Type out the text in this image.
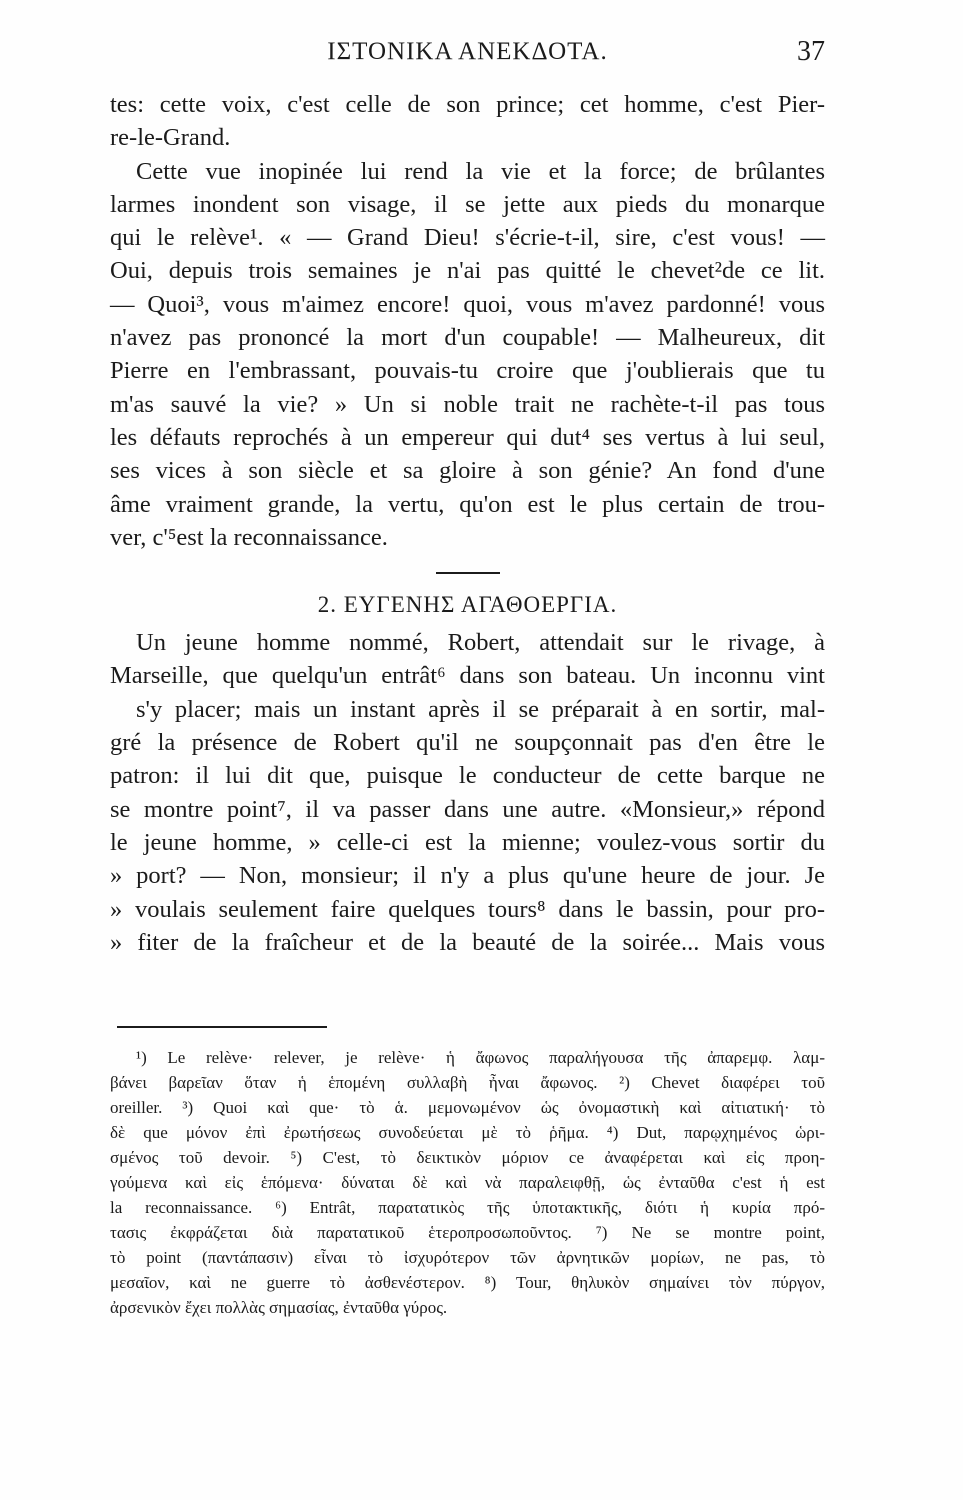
ΙΣΤΟΝΙΚΑ ΑΝΕΚΔΟΤΑ.	37
tes: cette voix, c'est celle de son prince; cet homme, c'est Pier-
re-le-Grand.
Cette vue inopinée lui rend la vie et la force; de brûlantes
larmes inondent son visage, il se jette aux pieds du monarque
qui le relève¹. « — Grand Dieu! s'écrie-t-il, sire, c'est vous! —
Oui, depuis trois semaines je n'ai pas quitté le chevet²de ce lit.
— Quoi³, vous m'aimez encore! quoi, vous m'avez pardonné! vous
n'avez pas prononcé la mort d'un coupable! — Malheureux, dit
Pierre en l'embrassant, pouvais-tu croire que j'oublierais que tu
m'as sauvé la vie? » Un si noble trait ne rachète-t-il pas tous
les défauts reprochés à un empereur qui dut⁴ ses vertus à lui seul,
ses vices à son siècle et sa gloire à son génie? An fond d'une
âme vraiment grande, la vertu, qu'on est le plus certain de trou-
ver, c'⁵est la reconnaissance.
2. ΕΥΓΕΝΗΣ ΑΓΑΘΟΕΡΓΙΑ.
Un jeune homme nommé, Robert, attendait sur le rivage, à
Marseille, que quelqu'un entrât⁶ dans son bateau. Un inconnu vint
s'y placer; mais un instant après il se préparait à en sortir, mal-
gré la présence de Robert qu'il ne soupçonnait pas d'en être le
patron: il lui dit que, puisque le conducteur de cette barque ne
se montre point⁷, il va passer dans une autre. «Monsieur,» répond
le jeune homme, » celle-ci est la mienne; voulez-vous sortir du
» port? — Non, monsieur; il n'y a plus qu'une heure de jour. Je
» voulais seulement faire quelques tours⁸ dans le bassin, pour pro-
» fiter de la fraîcheur et de la beauté de la soirée... Mais vous
¹) Le relève· relever, je relève· ἡ ἄφωνος παραλήγουσα τῆς ἀπαρεμφ. λαμ-
βάνει βαρεῖαν ὅταν ἡ ἑπομένη συλλαβὴ ἦναι ἄφωνος. ²) Chevet διαφέρει τοῦ
oreiller. ³) Quoi καὶ que· τὸ ἁ. μεμονωμένον ὡς ὀνομαστικὴ καὶ αἰτιατική· τὸ
δὲ que μόνον ἐπὶ ἐρωτήσεως συνοδεύεται μὲ τὸ ῥῆμα. ⁴) Dut, παρῳχημένος ὡρι-
σμένος τοῦ devoir. ⁵) C'est, τὸ δεικτικὸν μόριον ce ἀναφέρεται καὶ εἰς προη-
γούμενα καὶ εἰς ἑπόμενα· δύναται δὲ καὶ νὰ παραλειφθῇ, ὡς ἐνταῦθα c'est ἡ est
la reconnaissance. ⁶) Entrât, παρατατικὸς τῆς ὑποτακτικῆς, διότι ἡ κυρία πρό-
τασις ἐκφράζεται διὰ παρατατικοῦ ἑτεροπροσωποῦντος. ⁷) Ne se montre point,
τὸ point (παντάπασιν) εἶναι τὸ ἰσχυρότερον τῶν ἀρνητικῶν μορίων, ne pas, τὸ
μεσαῖον, καὶ ne guerre τὸ ἀσθενέστερον. ⁸) Tour, θηλυκὸν σημαίνει τὸν πύργον,
ἀρσενικὸν ἔχει πολλὰς σημασίας, ἐνταῦθα γύρος.
